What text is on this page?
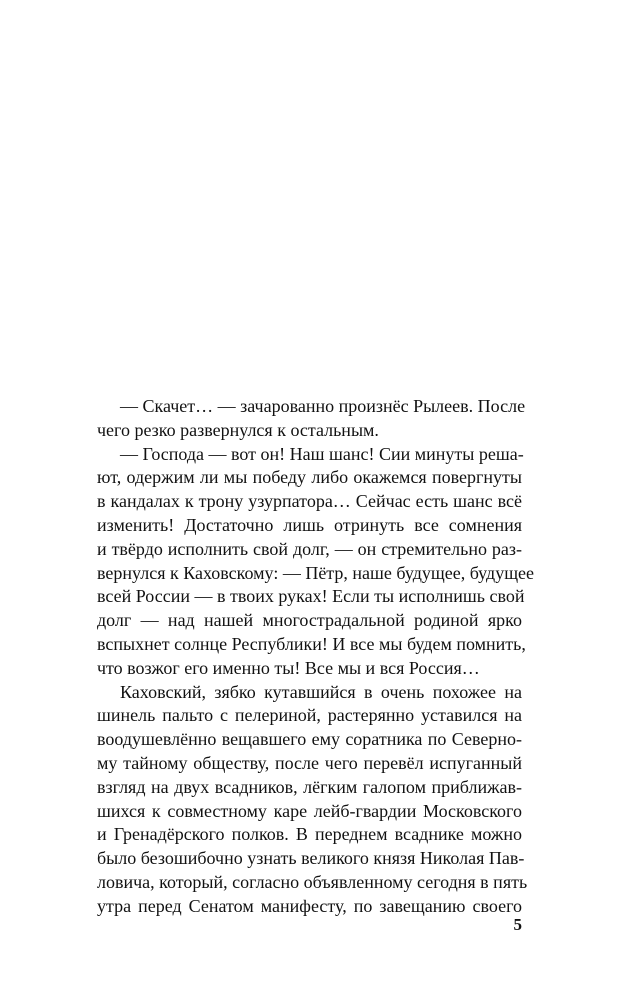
— Скачет… — зачарованно произнёс Рылеев. После
чего резко развернулся к остальным.
— Господа — вот он! Наш шанс! Сии минуты реша-
ют, одержим ли мы победу либо окажемся повергнуты
в кандалах к трону узурпатора… Сейчас есть шанс всё
изменить! Достаточно лишь отринуть все сомнения
и твёрдо исполнить свой долг, — он стремительно раз-
вернулся к Каховскому: — Пётр, наше будущее, будущее
всей России — в твоих руках! Если ты исполнишь свой
долг — над нашей многострадальной родиной ярко
вспыхнет солнце Республики! И все мы будем помнить,
что возжог его именно ты! Все мы и вся Россия…
Каховский, зябко кутавшийся в очень похожее на
шинель пальто с пелериной, растерянно уставился на
воодушевлённо вещавшего ему соратника по Северно-
му тайному обществу, после чего перевёл испуганный
взгляд на двух всадников, лёгким галопом приближав-
шихся к совместному каре лейб-гвардии Московского
и Гренадёрского полков. В переднем всаднике можно
было безошибочно узнать великого князя Николая Пав-
ловича, который, согласно объявленному сегодня в пять
утра перед Сенатом манифесту, по завещанию своего
5
